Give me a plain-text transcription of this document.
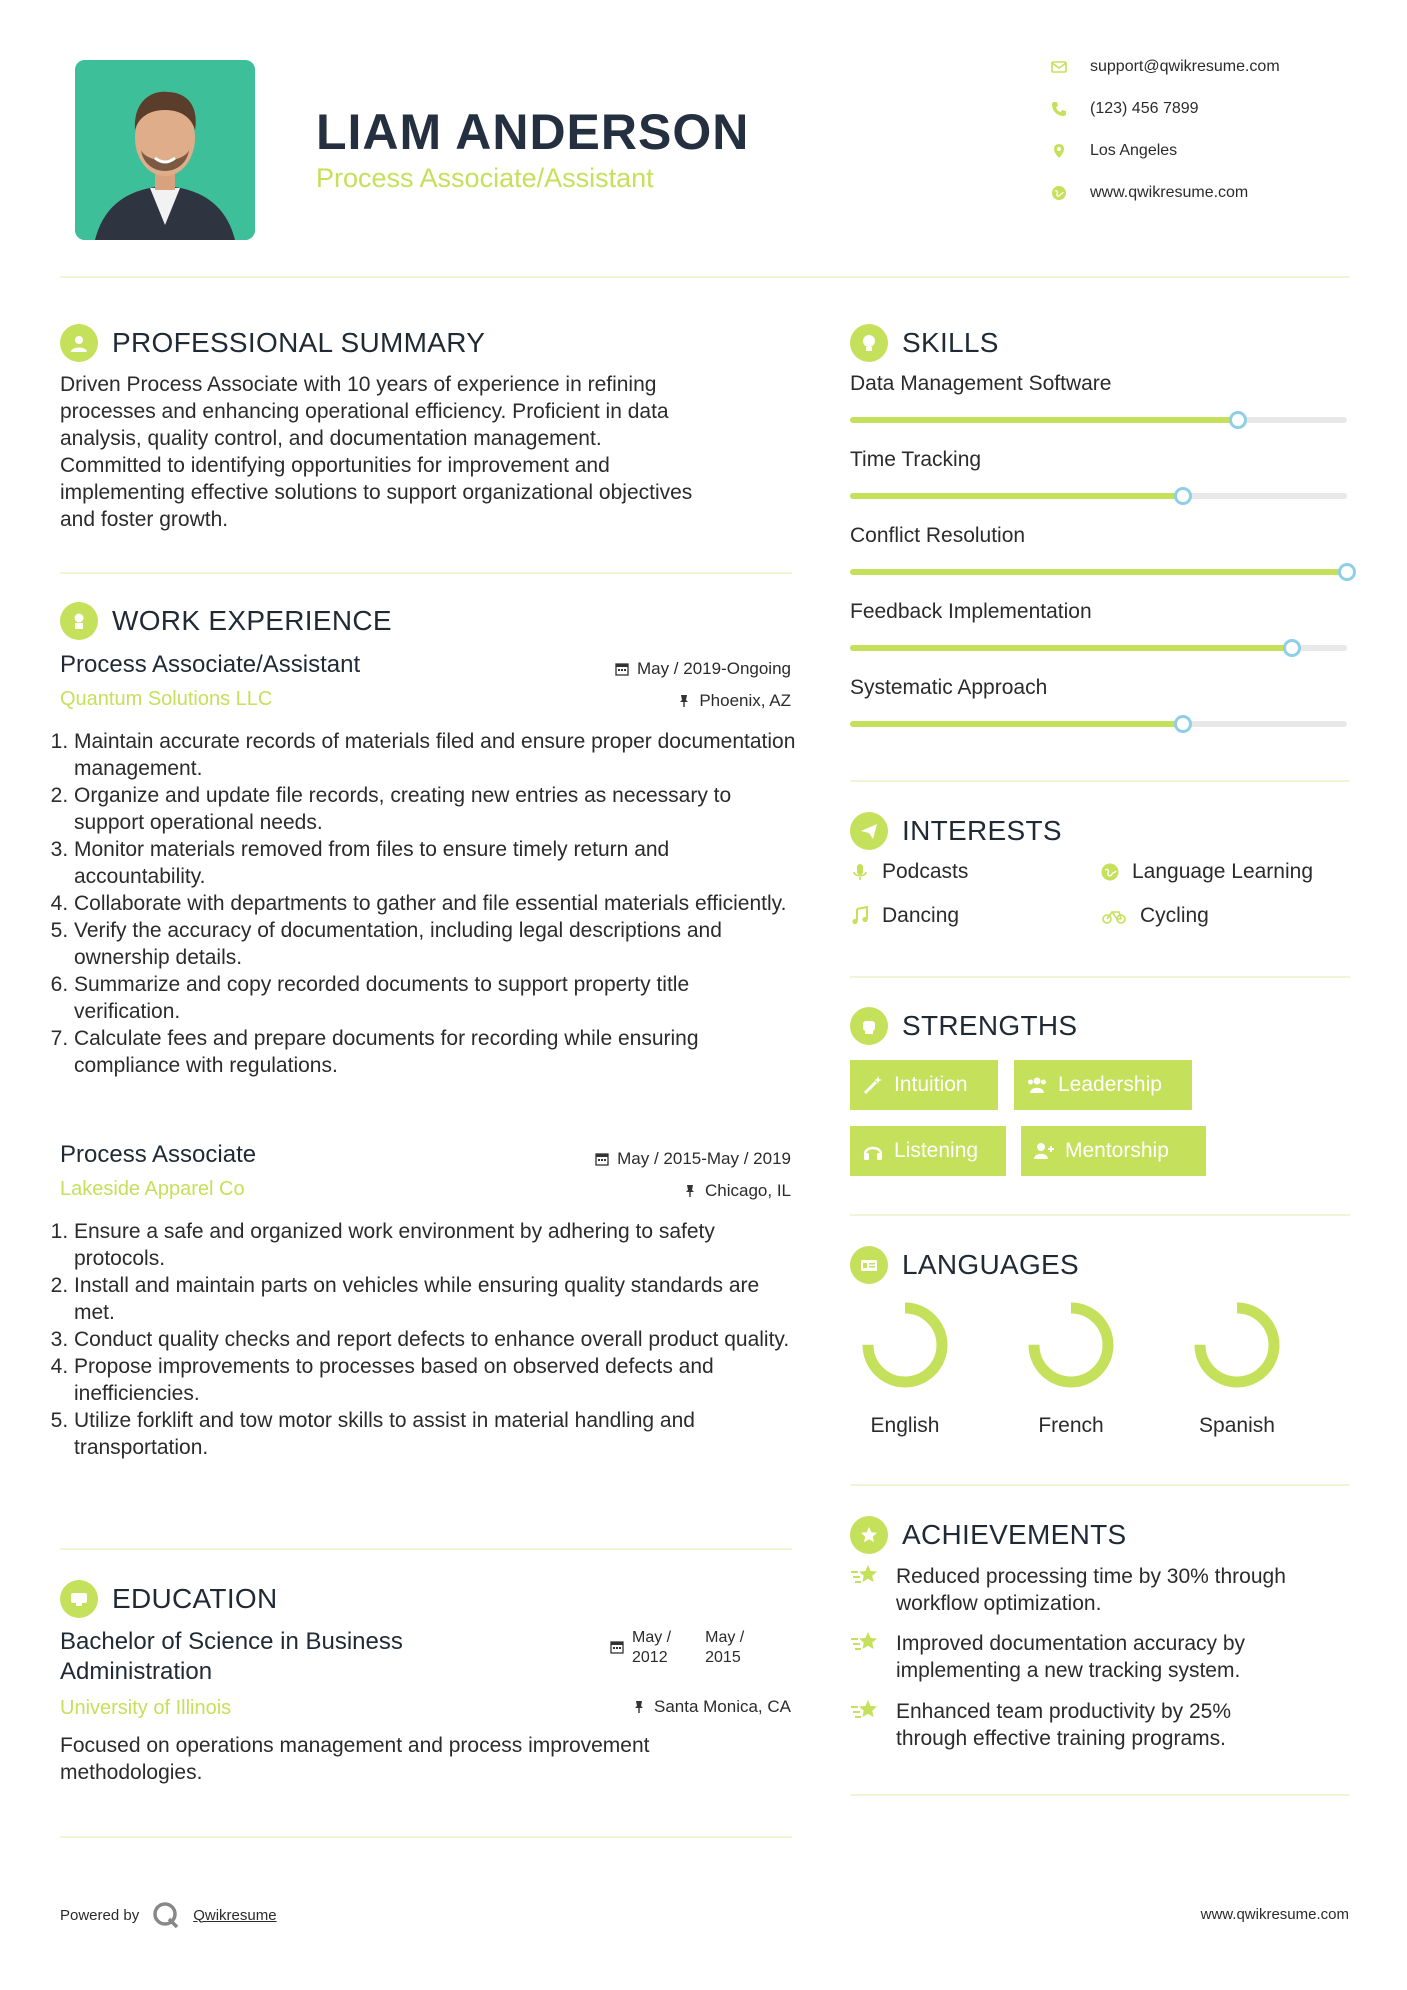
LIAM ANDERSON
Process Associate/Assistant
support@qwikresume.com
(123) 456 7899
Los Angeles
www.qwikresume.com
PROFESSIONAL SUMMARY
Driven Process Associate with 10 years of experience in refining
processes and enhancing operational efficiency. Proficient in data
analysis, quality control, and documentation management.
Committed to identifying opportunities for improvement and
implementing effective solutions to support organizational objectives
and foster growth.
WORK EXPERIENCE
Process Associate/Assistant
Quantum Solutions LLC
May / 2019-Ongoing
Phoenix, AZ
1. Maintain accurate records of materials filed and ensure proper documentation management.
2. Organize and update file records, creating new entries as necessary to support operational needs.
3. Monitor materials removed from files to ensure timely return and accountability.
4. Collaborate with departments to gather and file essential materials efficiently.
5. Verify the accuracy of documentation, including legal descriptions and ownership details.
6. Summarize and copy recorded documents to support property title verification.
7. Calculate fees and prepare documents for recording while ensuring compliance with regulations.
Process Associate
Lakeside Apparel Co
May / 2015-May / 2019
Chicago, IL
1. Ensure a safe and organized work environment by adhering to safety protocols.
2. Install and maintain parts on vehicles while ensuring quality standards are met.
3. Conduct quality checks and report defects to enhance overall product quality.
4. Propose improvements to processes based on observed defects and inefficiencies.
5. Utilize forklift and tow motor skills to assist in material handling and transportation.
EDUCATION
Bachelor of Science in Business
Administration
May /
2012
May /
2015
University of Illinois	Santa Monica, CA
Focused on operations management and process improvement
methodologies.
SKILLS
Data Management Software
Time Tracking
Conflict Resolution
Feedback Implementation
Systematic Approach
INTERESTS
Podcasts	Language Learning
Dancing	Cycling
STRENGTHS
Intuition	Leadership
Listening	Mentorship
LANGUAGES
English	French	Spanish
ACHIEVEMENTS
Reduced processing time by 30% through
workflow optimization.
Improved documentation accuracy by
implementing a new tracking system.
Enhanced team productivity by 25%
through effective training programs.
Powered by	Qwikresume	www.qwikresume.com
